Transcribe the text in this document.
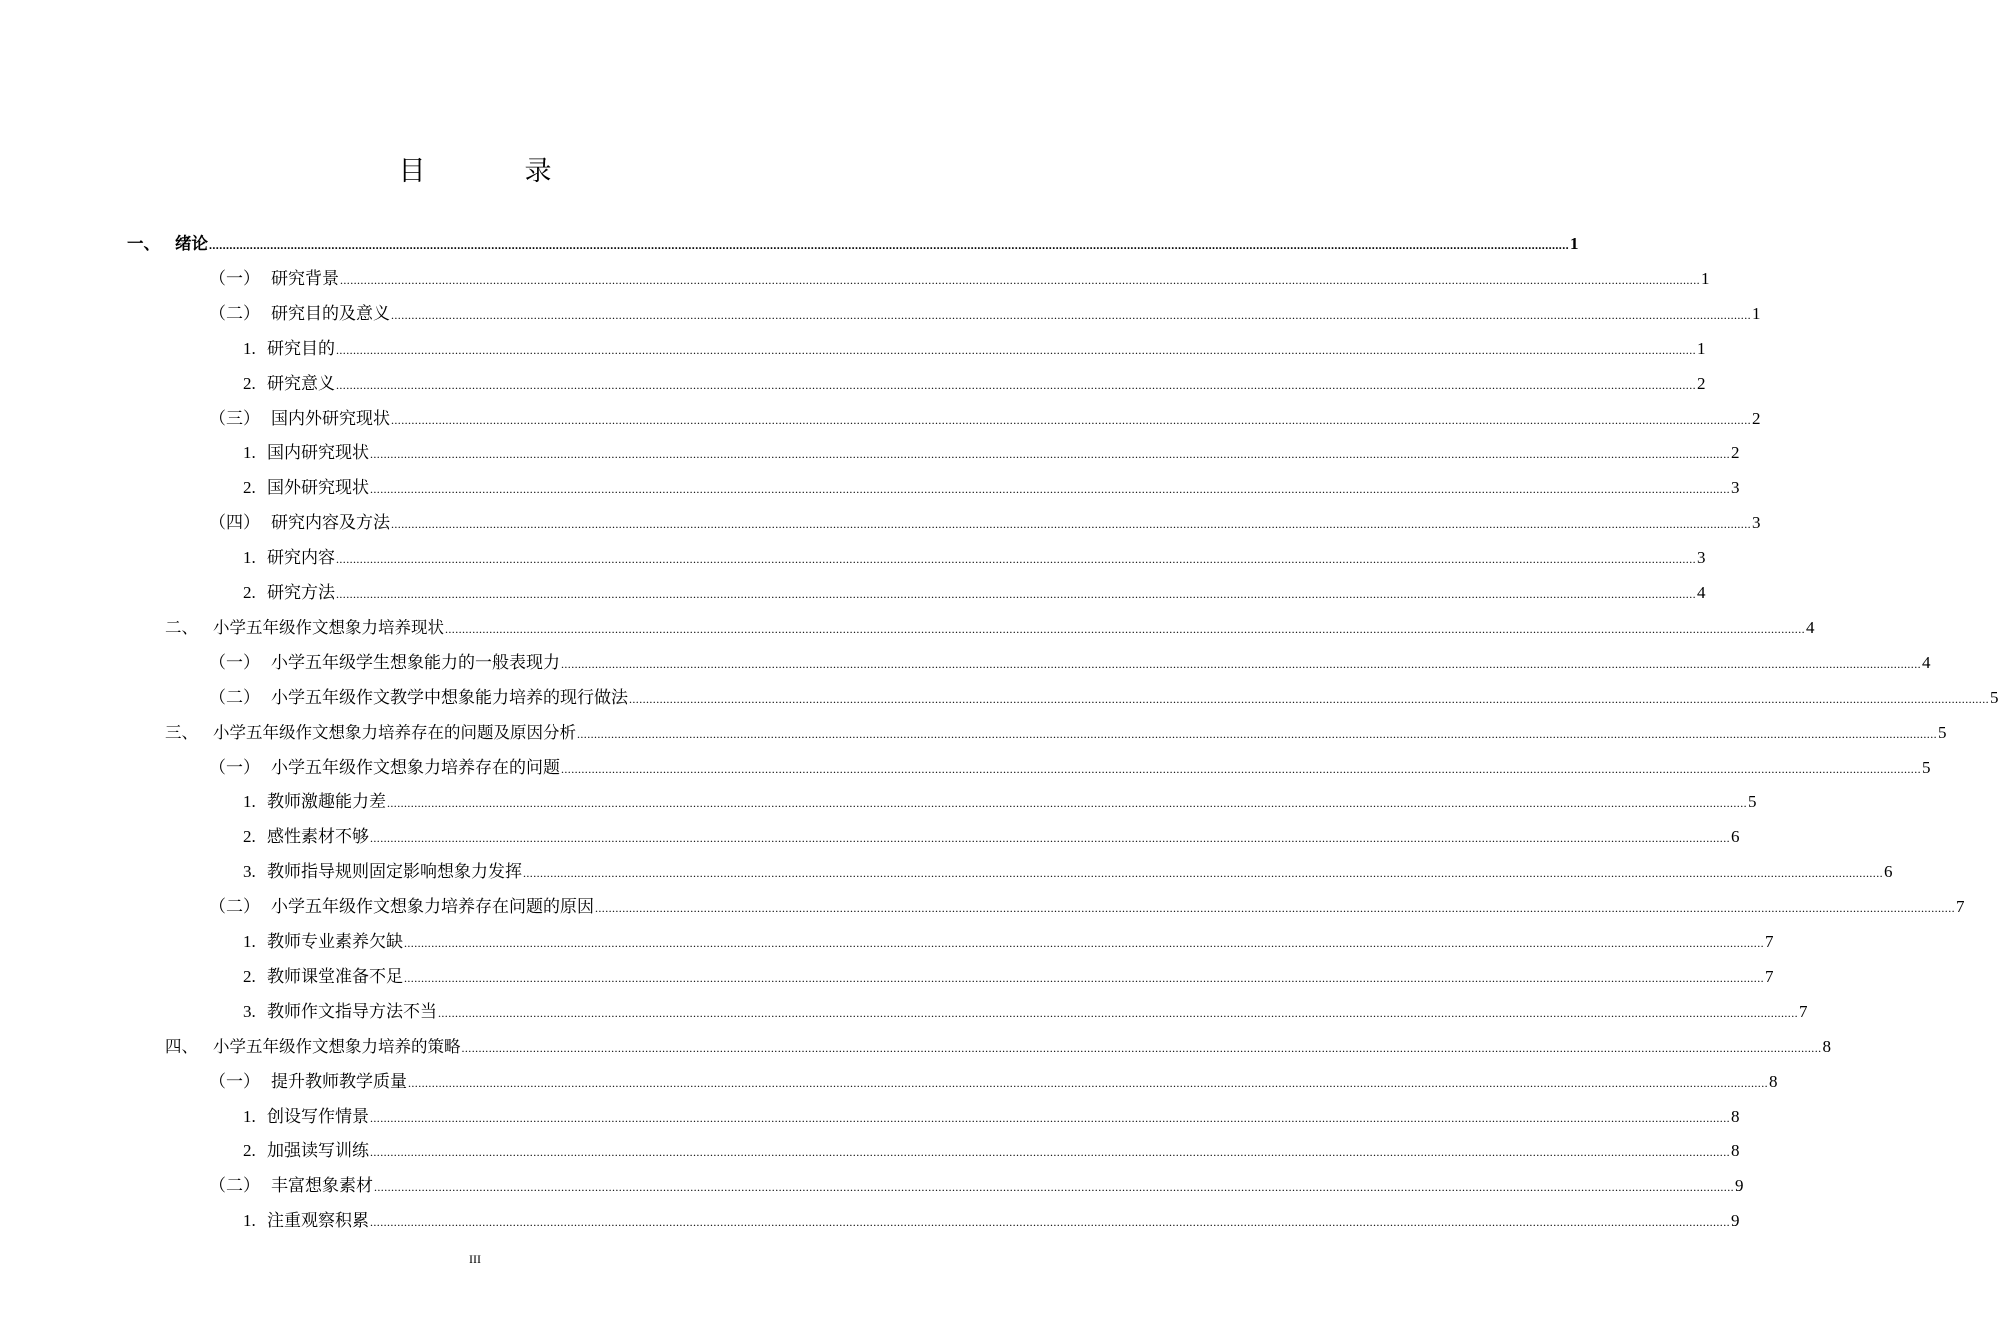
目　录
一、 绪论 ................................................................................................................................................................................................................................................................................................................................................................................................................ 1
（一） 研究背景 ................................................................................................................................................................................................................................................................................................................................................................................................................ 1
（二） 研究目的及意义 ................................................................................................................................................................................................................................................................................................................................................................................................................ 1
1. 研究目的 ................................................................................................................................................................................................................................................................................................................................................................................................................ 1
2. 研究意义 ................................................................................................................................................................................................................................................................................................................................................................................................................ 2
（三） 国内外研究现状 ................................................................................................................................................................................................................................................................................................................................................................................................................ 2
1. 国内研究现状 ................................................................................................................................................................................................................................................................................................................................................................................................................ 2
2. 国外研究现状 ................................................................................................................................................................................................................................................................................................................................................................................................................ 3
（四） 研究内容及方法 ................................................................................................................................................................................................................................................................................................................................................................................................................ 3
1. 研究内容 ................................................................................................................................................................................................................................................................................................................................................................................................................ 3
2. 研究方法 ................................................................................................................................................................................................................................................................................................................................................................................................................ 4
二、 小学五年级作文想象力培养现状 ................................................................................................................................................................................................................................................................................................................................................................................................................ 4
（一） 小学五年级学生想象能力的一般表现力 ................................................................................................................................................................................................................................................................................................................................................................................................................ 4
（二） 小学五年级作文教学中想象能力培养的现行做法 ................................................................................................................................................................................................................................................................................................................................................................................................................ 5
三、 小学五年级作文想象力培养存在的问题及原因分析 ................................................................................................................................................................................................................................................................................................................................................................................................................ 5
（一） 小学五年级作文想象力培养存在的问题 ................................................................................................................................................................................................................................................................................................................................................................................................................ 5
1. 教师激趣能力差 ................................................................................................................................................................................................................................................................................................................................................................................................................ 5
2. 感性素材不够 ................................................................................................................................................................................................................................................................................................................................................................................................................ 6
3. 教师指导规则固定影响想象力发挥 ................................................................................................................................................................................................................................................................................................................................................................................................................ 6
（二） 小学五年级作文想象力培养存在问题的原因 ................................................................................................................................................................................................................................................................................................................................................................................................................ 7
1. 教师专业素养欠缺 ................................................................................................................................................................................................................................................................................................................................................................................................................ 7
2. 教师课堂准备不足 ................................................................................................................................................................................................................................................................................................................................................................................................................ 7
3. 教师作文指导方法不当 ................................................................................................................................................................................................................................................................................................................................................................................................................ 7
四、 小学五年级作文想象力培养的策略 ................................................................................................................................................................................................................................................................................................................................................................................................................ 8
（一） 提升教师教学质量 ................................................................................................................................................................................................................................................................................................................................................................................................................ 8
1. 创设写作情景 ................................................................................................................................................................................................................................................................................................................................................................................................................ 8
2. 加强读写训练 ................................................................................................................................................................................................................................................................................................................................................................................................................ 8
（二） 丰富想象素材 ................................................................................................................................................................................................................................................................................................................................................................................................................ 9
1. 注重观察积累 ................................................................................................................................................................................................................................................................................................................................................................................................................ 9
III
